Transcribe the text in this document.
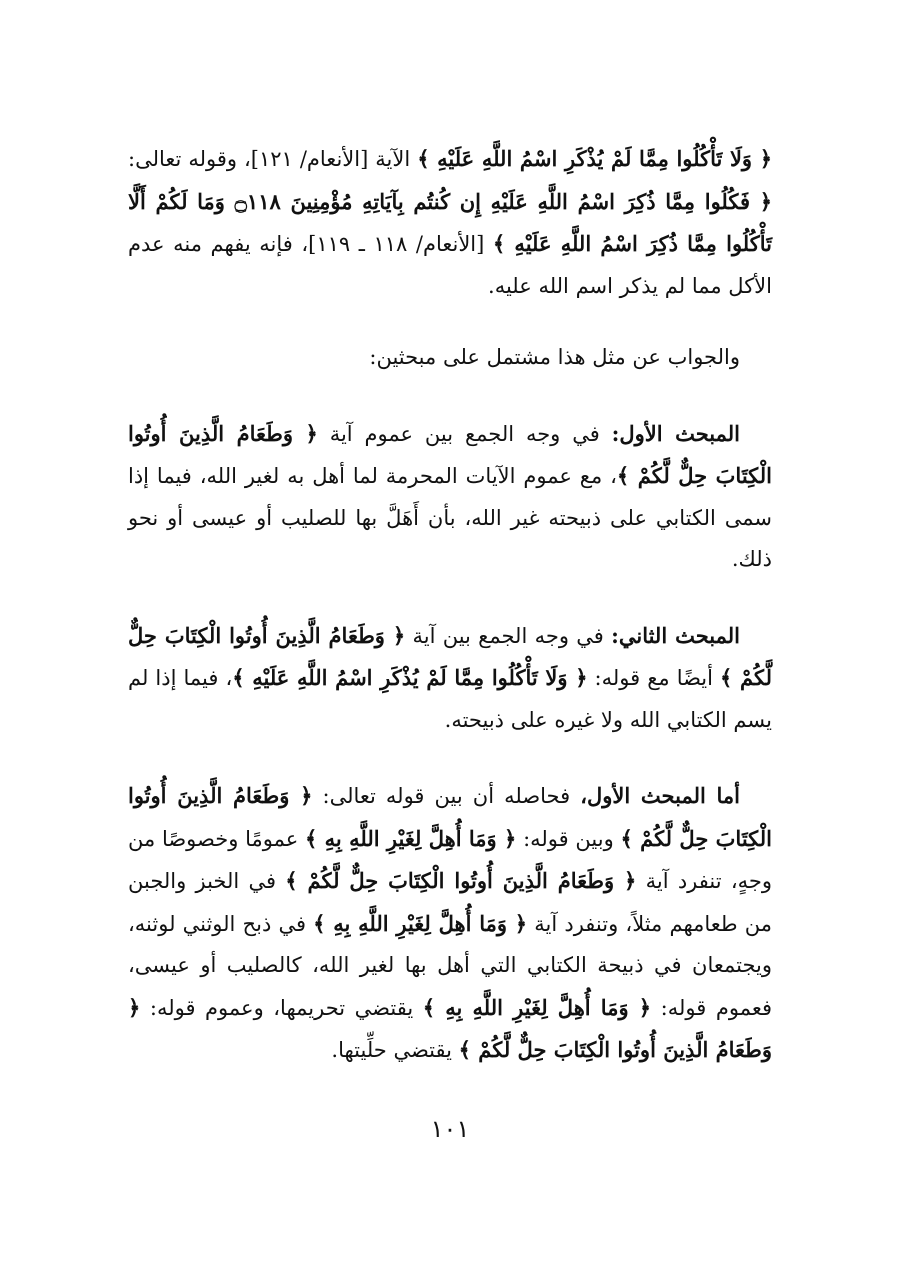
﴿ وَلَا تَأْكُلُوا مِمَّا لَمْ يُذْكَرِ اسْمُ اللَّهِ عَلَيْهِ ﴾ الآية [الأنعام/ ١٢١]، وقوله تعالى: ﴿ فَكُلُوا مِمَّا ذُكِرَ اسْمُ اللَّهِ عَلَيْهِ إِن كُنتُم بِآيَاتِهِ مُؤْمِنِينَ ۝١١٨ وَمَا لَكُمْ أَلَّا تَأْكُلُوا مِمَّا ذُكِرَ اسْمُ اللَّهِ عَلَيْهِ ﴾ [الأنعام/ ١١٨ ـ ١١٩]، فإنه يفهم منه عدم الأكل مما لم يذكر اسم الله عليه.

والجواب عن مثل هذا مشتمل على مبحثين:

المبحث الأول: في وجه الجمع بين عموم آية ﴿ وَطَعَامُ الَّذِينَ أُوتُوا الْكِتَابَ حِلٌّ لَّكُمْ ﴾، مع عموم الآيات المحرمة لما أهل به لغير الله، فيما إذا سمى الكتابي على ذبيحته غير الله، بأن أَهَلَّ بها للصليب أو عيسى أو نحو ذلك.

المبحث الثاني: في وجه الجمع بين آية ﴿ وَطَعَامُ الَّذِينَ أُوتُوا الْكِتَابَ حِلٌّ لَّكُمْ ﴾ أيضًا مع قوله: ﴿ وَلَا تَأْكُلُوا مِمَّا لَمْ يُذْكَرِ اسْمُ اللَّهِ عَلَيْهِ ﴾، فيما إذا لم يسم الكتابي الله ولا غيره على ذبيحته.

أما المبحث الأول، فحاصله أن بين قوله تعالى: ﴿ وَطَعَامُ الَّذِينَ أُوتُوا الْكِتَابَ حِلٌّ لَّكُمْ ﴾ وبين قوله: ﴿ وَمَا أُهِلَّ لِغَيْرِ اللَّهِ بِهِ ﴾ عمومًا وخصوصًا من وجهٍ، تنفرد آية ﴿ وَطَعَامُ الَّذِينَ أُوتُوا الْكِتَابَ حِلٌّ لَّكُمْ ﴾ في الخبز والجبن من طعامهم مثلاً، وتنفرد آية ﴿ وَمَا أُهِلَّ لِغَيْرِ اللَّهِ بِهِ ﴾ في ذبح الوثني لوثنه، ويجتمعان في ذبيحة الكتابي التي أهل بها لغير الله، كالصليب أو عيسى، فعموم قوله: ﴿ وَمَا أُهِلَّ لِغَيْرِ اللَّهِ بِهِ ﴾ يقتضي تحريمها، وعموم قوله: ﴿ وَطَعَامُ الَّذِينَ أُوتُوا الْكِتَابَ حِلٌّ لَّكُمْ ﴾ يقتضي حلِّيتها.

١٠١
